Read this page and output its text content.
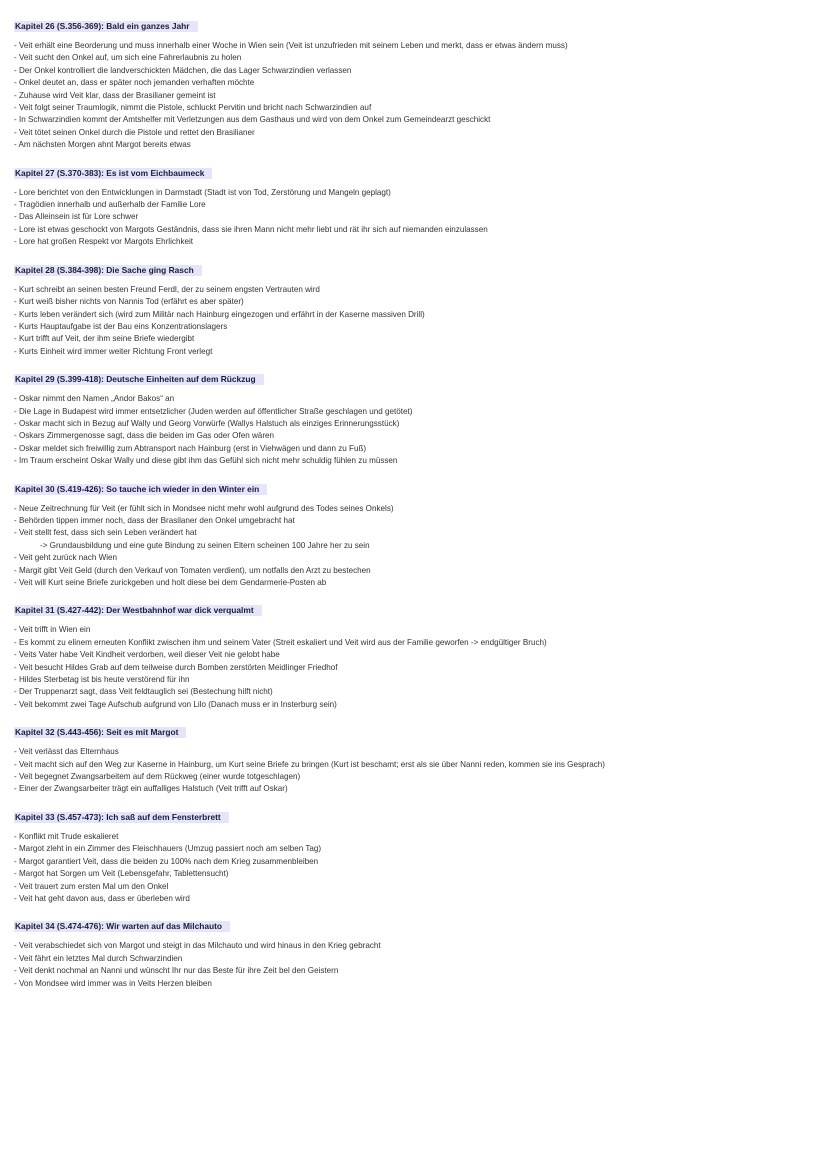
Kapitel 26 (S.356-369): Bald ein ganzes Jahr
- Veit erhält eine Beorderung und muss innerhalb einer Woche in Wien sein (Veit ist unzufrieden mit seinem Leben und merkt, dass er etwas ändern muss)
- Veit sucht den Onkel auf, um sich eine Fahrerlaubnis zu holen
- Der Onkel kontrolliert die landverschickten Mädchen, die das Lager Schwarzindien verlassen
- Onkel deutet an, dass er später noch jemanden verhaften möchte
- Zuhause wird Veit klar, dass der Brasilianer gemeint ist
- Veit folgt seiner Traumlogik, nimmt die Pistole, schluckt Pervitin und bricht nach Schwarzindien auf
- In Schwarzindien kommt der Amtshelfer mit Verletzungen aus dem Gasthaus und wird von dem Onkel zum Gemeindearzt geschickt
- Veit tötet seinen Onkel durch die Pistole und rettet den Brasilianer
- Am nächsten Morgen ahnt Margot bereits etwas
Kapitel 27 (S.370-383): Es ist vom Eichbaumeck
- Lore berichtet von den Entwicklungen in Darmstadt (Stadt ist von Tod, Zerstörung und Mangeln geplagt)
- Tragödien innerhalb und außerhalb der Familie Lore
- Das Alleinsein ist für Lore schwer
- Lore ist etwas geschockt von Margots Geständnis, dass sie ihren Mann nicht mehr liebt und rät ihr sich auf niemanden einzulassen
- Lore hat großen Respekt vor Margots Ehrlichkeit
Kapitel 28 (S.384-398): Die Sache ging Rasch
- Kurt schreibt an seinen besten Freund Ferdl, der zu seinem engsten Vertrauten wird
- Kurt weiß bisher nichts von Nannis Tod (erfährt es aber später)
- Kurts leben verändert sich (wird zum Militär nach Hainburg eingezogen und erfährt in der Kaserne massiven Drill)
- Kurts Hauptaufgabe ist der Bau eins Konzentrationslagers
- Kurt trifft auf Veit, der ihm seine Briefe wiedergibt
- Kurts Einheit wird immer weiter Richtung Front verlegt
Kapitel 29 (S.399-418): Deutsche Einheiten auf dem Rückzug
- Oskar nimmt den Namen „Andor Bakos“ an
- Die Lage in Budapest wird immer entsetzlicher (Juden werden auf öffentlicher Straße geschlagen und getötet)
- Oskar macht sich in Bezug auf Wally und Georg Vorwürfe (Wallys Halstuch als einziges Erinnerungsstück)
- Oskars Zimmergenosse sagt, dass die beiden im Gas oder Ofen wären
- Oskar meldet sich freiwillig zum Abtransport nach Hainburg (erst in Viehwägen und dann zu Fuß)
- Im Traum erscheint Oskar Wally und diese gibt ihm das Gefühl sich nicht mehr schuldig fühlen zu müssen
Kapitel 30 (S.419-426): So tauche ich wieder in den Winter ein
- Neue Zeitrechnung für Veit (er fühlt sich in Mondsee nicht mehr wohl aufgrund des Todes seines Onkels)
- Behörden tippen immer noch, dass der Brasilaner den Onkel umgebracht hat
- Veit stellt fest, dass sich sein Leben verändert hat
-> Grundausbildung und eine gute Bindung zu seinen Eltern scheinen 100 Jahre her zu sein
- Veit geht zurück nach Wien
- Margit gibt Veit Geld (durch den Verkauf von Tomaten verdient), um notfalls den Arzt zu bestechen
- Veit will Kurt seine Briefe zurickgeben und holt diese bei dem Gendarmerie-Posten ab
Kapitel 31 (S.427-442): Der Westbahnhof war dick verqualmt
- Veit trifft in Wien ein
- Es kommt zu elinem erneuten Konflikt zwischen ihm und seinem Vater (Streit eskaliert und Veit wird aus der Familie geworfen -> endgültiger Bruch)
- Veits Vater habe Veit Kindheit verdorben, weil dieser Veit nie gelobt habe
- Veit besucht Hildes Grab auf dem teilweise durch Bomben zerstörten Meidlinger Friedhof
- Hildes Sterbetag ist bis heute verstörend für ihn
- Der Truppenarzt sagt, dass Veit feldtauglich sei (Bestechung hilft nicht)
- Veit bekommt zwei Tage Aufschub aufgrund von Lilo (Danach muss er in Insterburg sein)
Kapitel 32 (S.443-456): Seit es mit Margot
- Veit verlässt das Elternhaus
- Veit macht sich auf den Weg zur Kaserne in Hainburg, um Kurt seine Briefe zu bringen (Kurt ist beschamt; erst als sie über Nanni reden, kommen sie ins Gesprach)
- Veit begegnet Zwangsarbeitem auf dem Rückweg (einer wurde totgeschlagen)
- Einer der Zwangsarbeiter trägt ein auffalliges Halstuch (Veit trifft auf Oskar)
Kapitel 33 (S.457-473): Ich saß auf dem Fensterbrett
- Konflikt mit Trude eskalieret
- Margot zleht in ein Zimmer des Fleischhauers (Umzug passiert noch am selben Tag)
- Margot garantiert Veit, dass die beiden zu 100% nach dem Krieg zusammenbleiben
- Margot hat Sorgen um Veit (Lebensgefahr, Tablettensucht)
- Veit trauert zum ersten Mal um den Onkel
- Veit hat geht davon aus, dass er überleben wird
Kapitel 34 (S.474-476): Wir warten auf das Milchauto
- Veit verabschiedet sich von Margot und steigt in das Milchauto und wird hinaus in den Krieg gebracht
- Veit fährt ein letztes Mal durch Schwarzindien
- Veit denkt nochmal an Nanni und wünscht Ihr nur das Beste für ihre Zeit bel den Geistern
- Von Mondsee wird immer was in Veits Herzen bleiben
